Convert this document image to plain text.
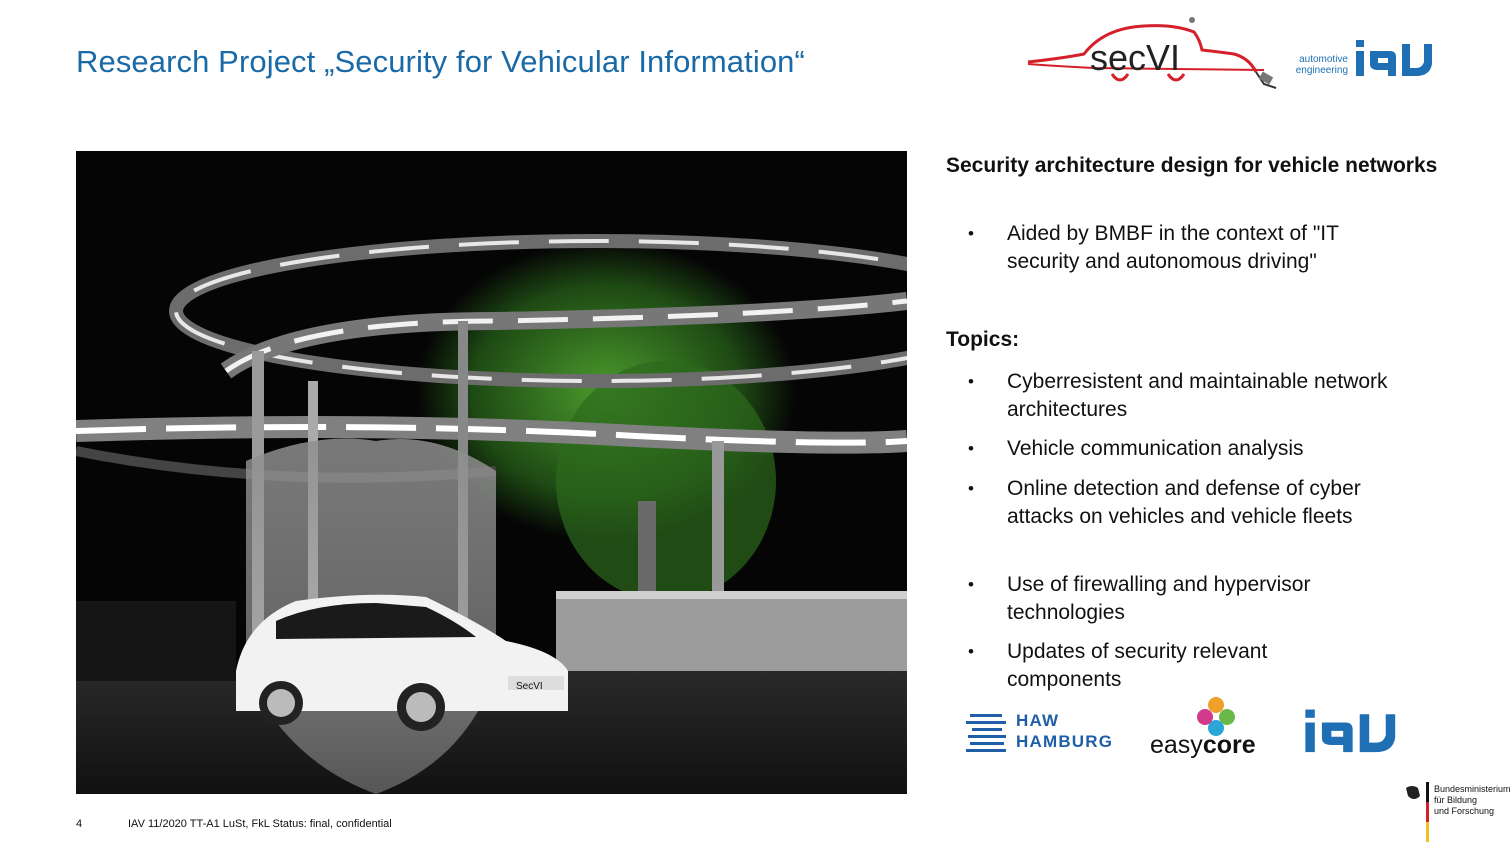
Research Project „Security for Vehicular Information“	secVI	automotive engineering
SecVI
Security architecture design for vehicle networks
• Aided by BMBF in the context of "IT security and autonomous driving"
Topics:
• Cyberresistent and maintainable network architectures
• Vehicle communication analysis
• Online detection and defense of cyber attacks on vehicles and vehicle fleets
• Use of firewalling and hypervisor technologies
• Updates of security relevant components
HAW
HAMBURG easycore
Bundesministerium
für Bildung
und Forschung
4	IAV 11/2020 TT-A1 LuSt, FkL Status: final, confidential
